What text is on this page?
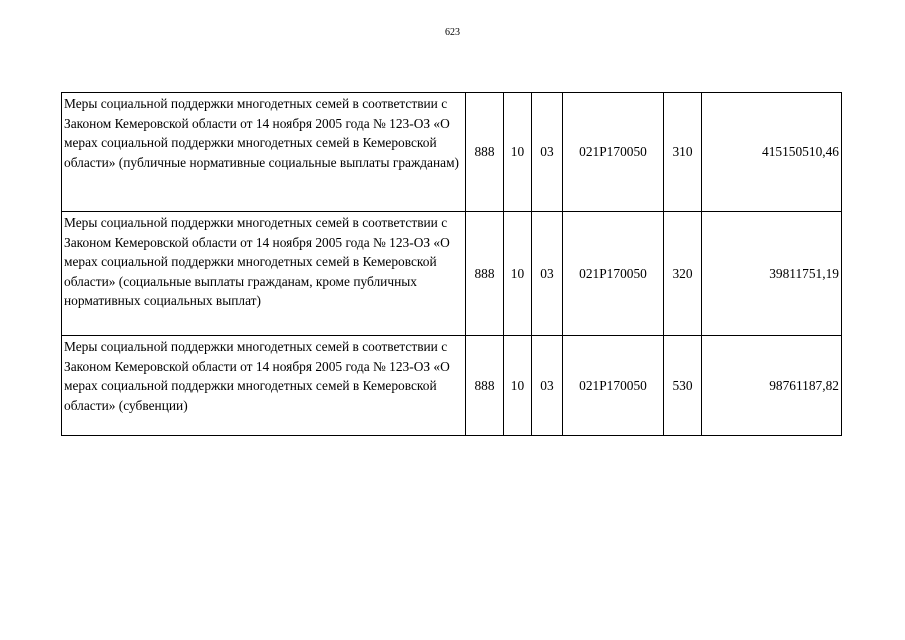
623
Меры социальной поддержки многодетных семей в соответствии с Законом Кемеровской области от 14 ноября 2005 года № 123-ОЗ «О мерах социальной поддержки многодетных семей в Кемеровской области» (публичные нормативные социальные выплаты гражданам)	888	10	03	021P170050	310	415150510,46
Меры социальной поддержки многодетных семей в соответствии с Законом Кемеровской области от 14 ноября 2005 года № 123-ОЗ «О мерах социальной поддержки многодетных семей в Кемеровской области» (социальные выплаты гражданам, кроме публичных нормативных социальных выплат)	888	10	03	021P170050	320	39811751,19
Меры социальной поддержки многодетных семей в соответствии с Законом Кемеровской области от 14 ноября 2005 года № 123-ОЗ «О мерах социальной поддержки многодетных семей в Кемеровской области» (субвенции)	888	10	03	021P170050	530	98761187,82
